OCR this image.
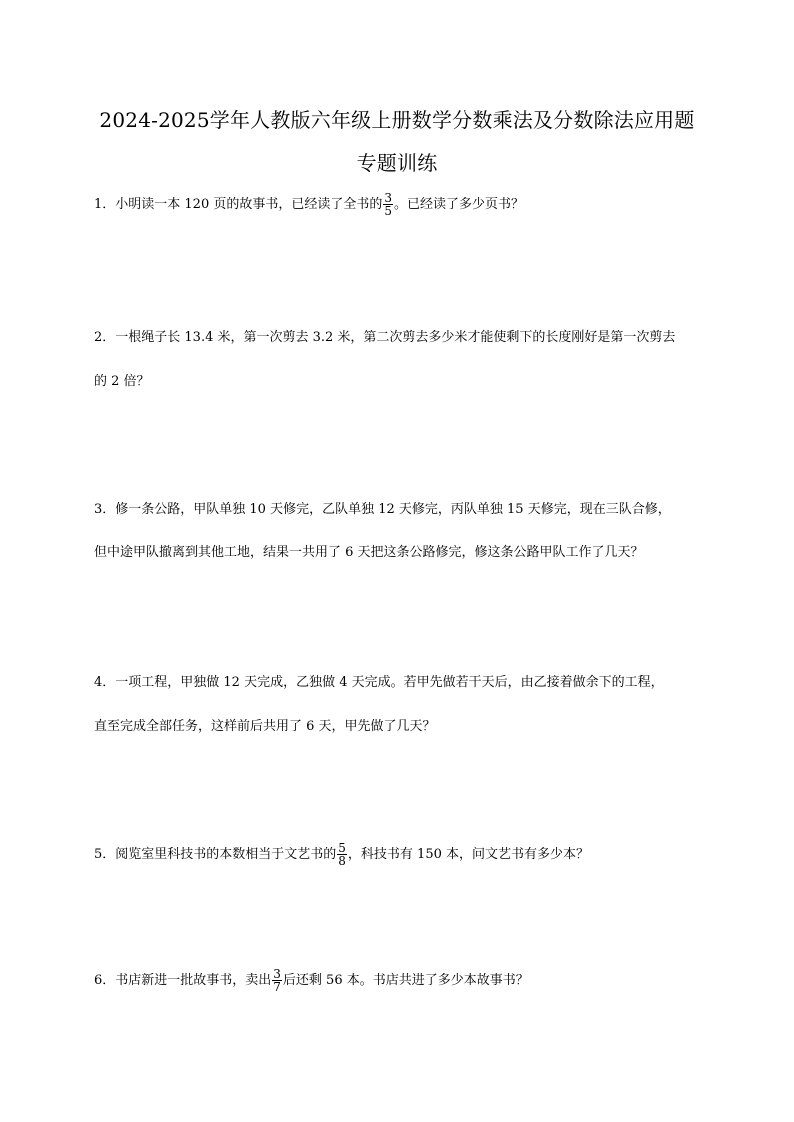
2024-2025学年人教版六年级上册数学分数乘法及分数除法应用题
专题训练
1．小明读一本 120 页的故事书，已经读了全书的 $\frac{3}{5}$ 。已经读了多少页书？
2．一根绳子长 13.4 米，第一次剪去 3.2 米，第二次剪去多少米才能使剩下的长度刚好是第一次剪去
的 2 倍？
3．修一条公路，甲队单独 10 天修完，乙队单独 12 天修完，丙队单独 15 天修完，现在三队合修，
但中途甲队撤离到其他工地，结果一共用了 6 天把这条公路修完，修这条公路甲队工作了几天？
4．一项工程，甲独做 12 天完成，乙独做 4 天完成。若甲先做若干天后，由乙接着做余下的工程，
直至完成全部任务，这样前后共用了 6 天，甲先做了几天？
5．阅览室里科技书的本数相当于文艺书的 $\frac{5}{8}$ ，科技书有 150 本，问文艺书有多少本？
6．书店新进一批故事书，卖出 $\frac{3}{7}$ 后还剩 56 本。书店共进了多少本故事书？
